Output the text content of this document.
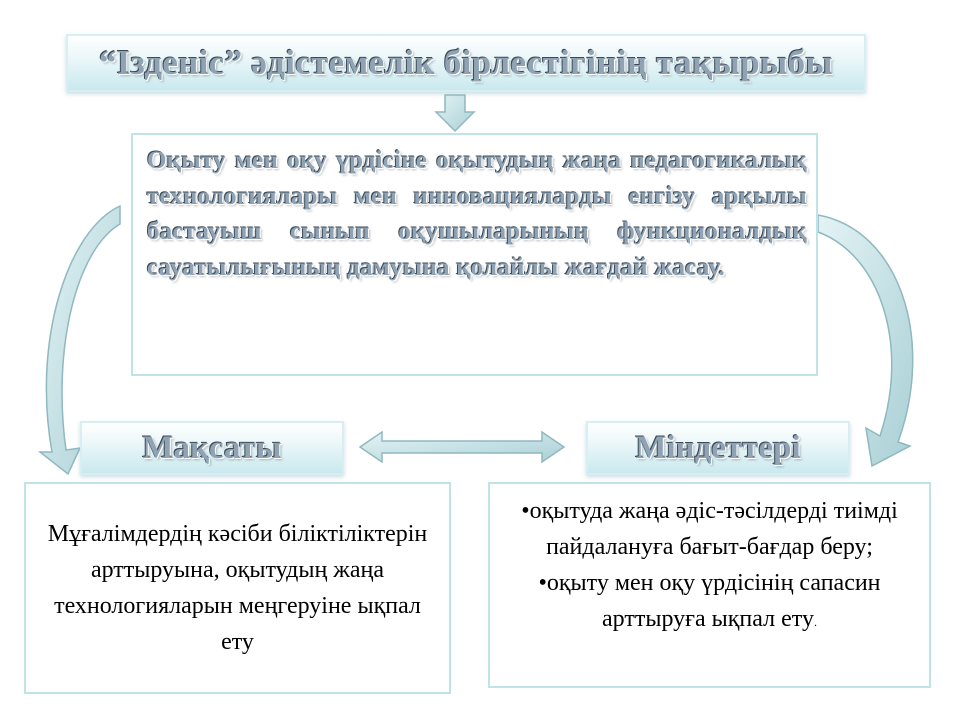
“Ізденіс” әдістемелік бірлестігінің тақырыбы
Оқыту мен оқу үрдісіне оқытудың жаңа педагогикалық технологиялары мен инновацияларды енгізу арқылы бастауыш сынып оқушыларының функционалдық сауатылығының дамуына қолайлы жағдай жасау.
Мақсаты	Міндеттері
Мұғалімдердің кәсіби біліктіліктерін арттыруына, оқытудың жаңа технологияларын меңгеруіне ықпал ету
•оқытуда жаңа әдіс-тәсілдерді тиімді пайдалануға бағыт-бағдар беру;
•оқыту мен оқу үрдісінің сапасин арттыруға ықпал ету.
